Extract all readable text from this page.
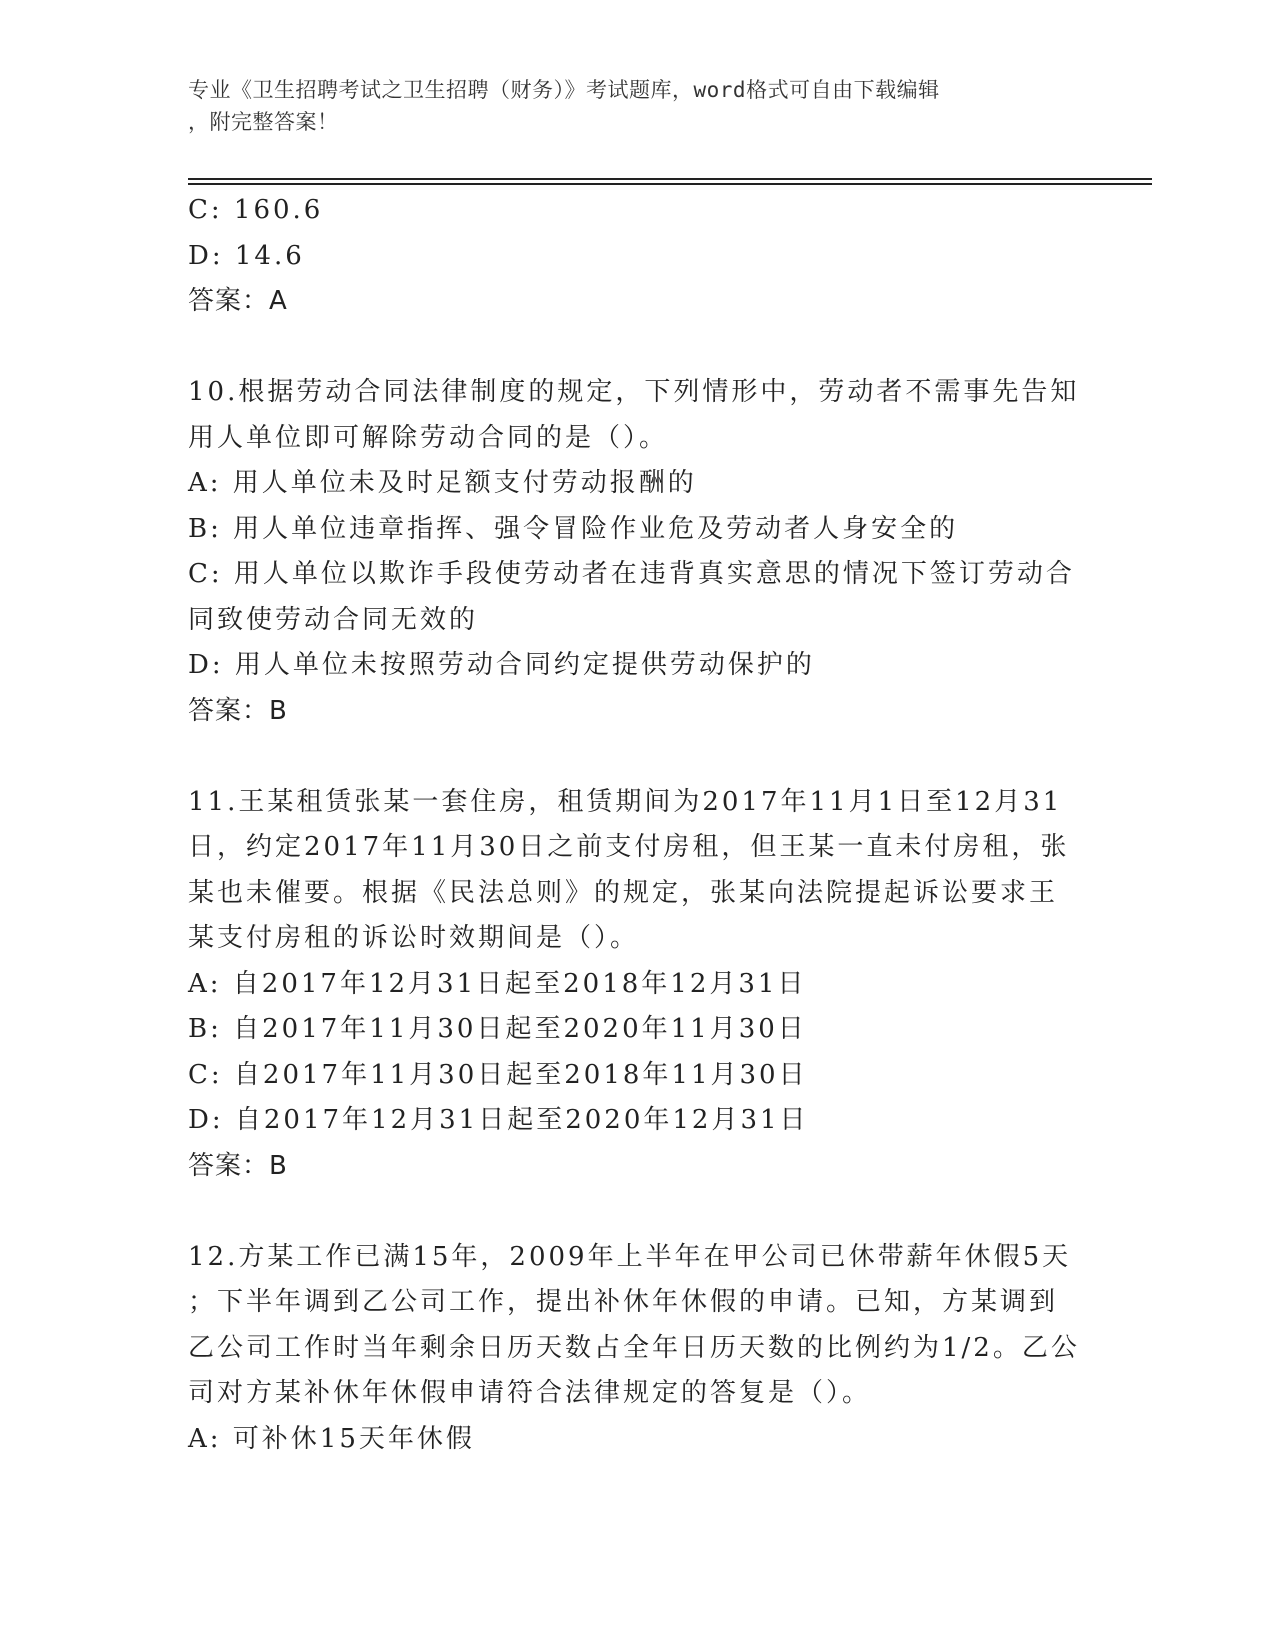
专业《卫生招聘考试之卫生招聘（财务）》考试题库，word格式可自由下载编辑
，附完整答案！
C: 160.6
D: 14.6
答案：A
10.根据劳动合同法律制度的规定，下列情形中，劳动者不需事先告知
用人单位即可解除劳动合同的是（）。
A: 用人单位未及时足额支付劳动报酬的
B: 用人单位违章指挥、强令冒险作业危及劳动者人身安全的
C: 用人单位以欺诈手段使劳动者在违背真实意思的情况下签订劳动合
同致使劳动合同无效的
D: 用人单位未按照劳动合同约定提供劳动保护的
答案：B
11.王某租赁张某一套住房，租赁期间为2017年11月1日至12月31
日，约定2017年11月30日之前支付房租，但王某一直未付房租，张
某也未催要。根据《民法总则》的规定，张某向法院提起诉讼要求王
某支付房租的诉讼时效期间是（）。
A: 自2017年12月31日起至2018年12月31日
B: 自2017年11月30日起至2020年11月30日
C: 自2017年11月30日起至2018年11月30日
D: 自2017年12月31日起至2020年12月31日
答案：B
12.方某工作已满15年，2009年上半年在甲公司已休带薪年休假5天
；下半年调到乙公司工作，提出补休年休假的申请。已知，方某调到
乙公司工作时当年剩余日历天数占全年日历天数的比例约为1/2。乙公
司对方某补休年休假申请符合法律规定的答复是（）。
A: 可补休15天年休假
